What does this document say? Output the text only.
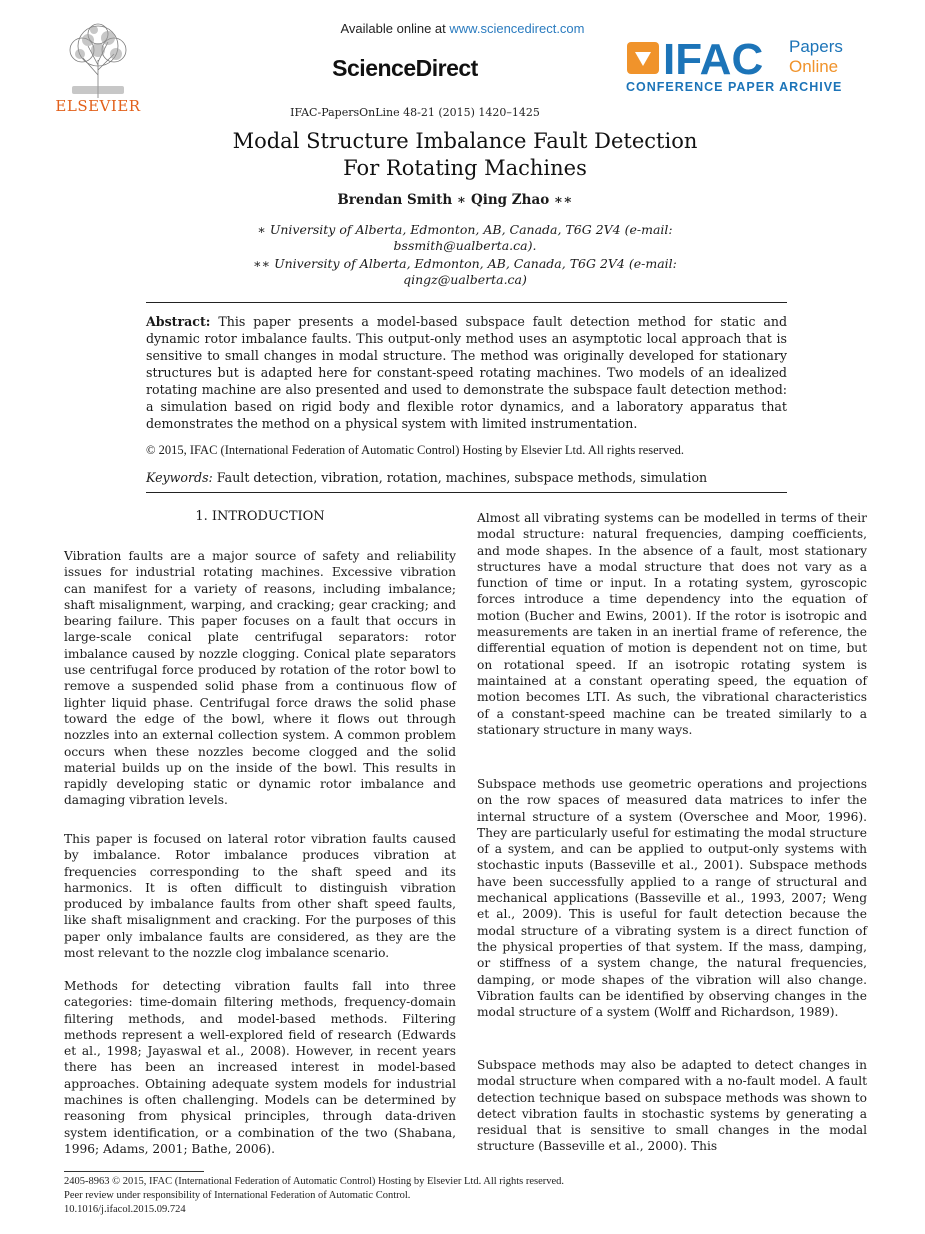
ELSEVIER
Available online at www.sciencedirect.com
ScienceDirect	IFAC Papers
Online
CONFERENCE PAPER ARCHIVE
IFAC-PapersOnLine 48-21 (2015) 1420–1425
Modal Structure Imbalance Fault Detection
For Rotating Machines
Brendan Smith ∗ Qing Zhao ∗∗
∗ University of Alberta, Edmonton, AB, Canada, T6G 2V4 (e-mail:
bssmith@ualberta.ca).
∗∗ University of Alberta, Edmonton, AB, Canada, T6G 2V4 (e-mail:
qingz@ualberta.ca)
Abstract: This paper presents a model-based subspace fault detection method for static and dynamic rotor imbalance faults. This output-only method uses an asymptotic local approach that is sensitive to small changes in modal structure. The method was originally developed for stationary structures but is adapted here for constant-speed rotating machines. Two models of an idealized rotating machine are also presented and used to demonstrate the subspace fault detection method: a simulation based on rigid body and flexible rotor dynamics, and a laboratory apparatus that demonstrates the method on a physical system with limited instrumentation.
© 2015, IFAC (International Federation of Automatic Control) Hosting by Elsevier Ltd. All rights reserved.
Keywords: Fault detection, vibration, rotation, machines, subspace methods, simulation
1. INTRODUCTION
Vibration faults are a major source of safety and reliability issues for industrial rotating machines. Excessive vibration can manifest for a variety of reasons, including imbalance; shaft misalignment, warping, and cracking; gear cracking; and bearing failure. This paper focuses on a fault that occurs in large-scale conical plate centrifugal separators: rotor imbalance caused by nozzle clogging. Conical plate separators use centrifugal force produced by rotation of the rotor bowl to remove a suspended solid phase from a continuous flow of lighter liquid phase. Centrifugal force draws the solid phase toward the edge of the bowl, where it flows out through nozzles into an external collection system. A common problem occurs when these nozzles become clogged and the solid material builds up on the inside of the bowl. This results in rapidly developing static or dynamic rotor imbalance and damaging vibration levels.
This paper is focused on lateral rotor vibration faults caused by imbalance. Rotor imbalance produces vibration at frequencies corresponding to the shaft speed and its harmonics. It is often difficult to distinguish vibration produced by imbalance faults from other shaft speed faults, like shaft misalignment and cracking. For the purposes of this paper only imbalance faults are considered, as they are the most relevant to the nozzle clog imbalance scenario.
Methods for detecting vibration faults fall into three categories: time-domain filtering methods, frequency-domain filtering methods, and model-based methods. Filtering methods represent a well-explored field of research (Edwards et al., 1998; Jayaswal et al., 2008). However, in recent years there has been an increased interest in model-based approaches. Obtaining adequate system models for industrial machines is often challenging. Models can be determined by reasoning from physical principles, through data-driven system identification, or a combination of the two (Shabana, 1996; Adams, 2001; Bathe, 2006).
Almost all vibrating systems can be modelled in terms of their modal structure: natural frequencies, damping coefficients, and mode shapes. In the absence of a fault, most stationary structures have a modal structure that does not vary as a function of time or input. In a rotating system, gyroscopic forces introduce a time dependency into the equation of motion (Bucher and Ewins, 2001). If the rotor is isotropic and measurements are taken in an inertial frame of reference, the differential equation of motion is dependent not on time, but on rotational speed. If an isotropic rotating system is maintained at a constant operating speed, the equation of motion becomes LTI. As such, the vibrational characteristics of a constant-speed machine can be treated similarly to a stationary structure in many ways.
Subspace methods use geometric operations and projections on the row spaces of measured data matrices to infer the internal structure of a system (Overschee and Moor, 1996). They are particularly useful for estimating the modal structure of a system, and can be applied to output-only systems with stochastic inputs (Basseville et al., 2001). Subspace methods have been successfully applied to a range of structural and mechanical applications (Basseville et al., 1993, 2007; Weng et al., 2009). This is useful for fault detection because the modal structure of a vibrating system is a direct function of the physical properties of that system. If the mass, damping, or stiffness of a system change, the natural frequencies, damping, or mode shapes of the vibration will also change. Vibration faults can be identified by observing changes in the modal structure of a system (Wolff and Richardson, 1989).
Subspace methods may also be adapted to detect changes in modal structure when compared with a no-fault model. A fault detection technique based on subspace methods was shown to detect vibration faults in stochastic systems by generating a residual that is sensitive to small changes in the modal structure (Basseville et al., 2000). This
2405-8963 © 2015, IFAC (International Federation of Automatic Control) Hosting by Elsevier Ltd. All rights reserved.
Peer review under responsibility of International Federation of Automatic Control.
10.1016/j.ifacol.2015.09.724
